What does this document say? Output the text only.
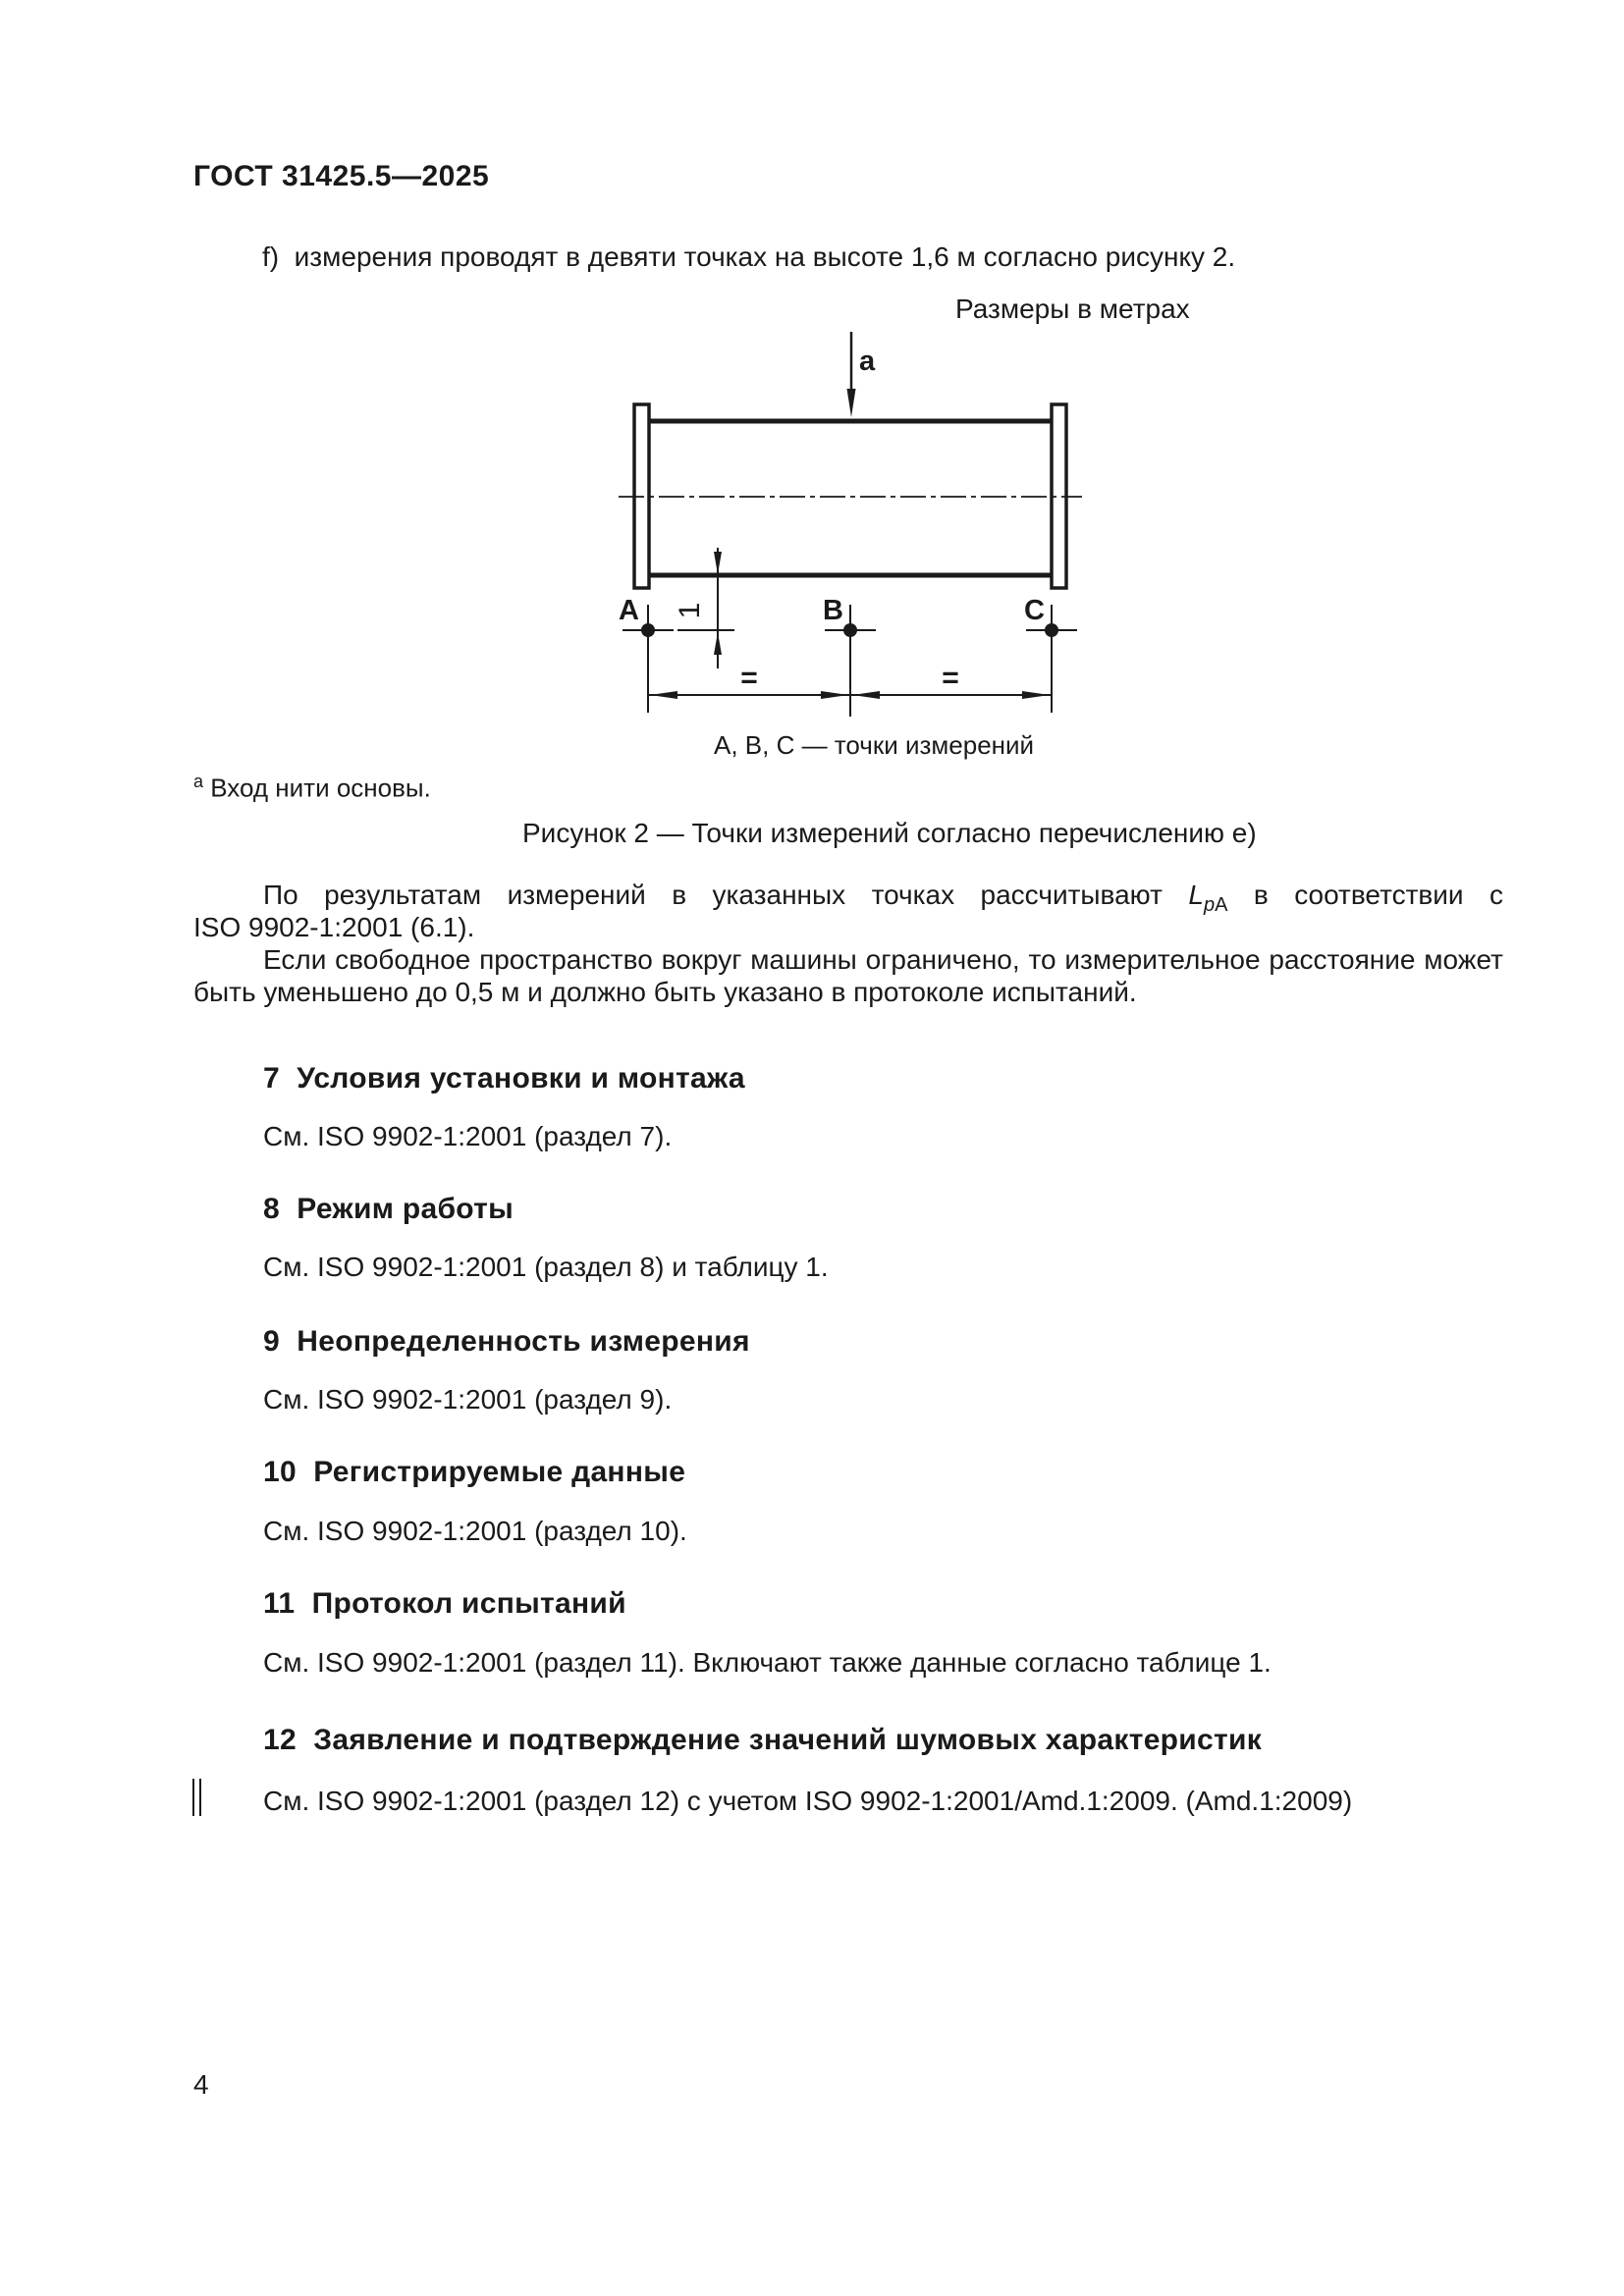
ГОСТ 31425.5—2025
f)  измерения проводят в девяти точках на высоте 1,6 м согласно рисунку 2.
Размеры в метрах
а
1
А	В	С
=	=
А, В, С — точки измерений
$^а$ Вход нити основы.
Рисунок 2 — Точки измерений согласно перечислению е)
По результатам измерений в указанных точках рассчитывают $L_{pA}$ в соответствии с
ISO 9902-1:2001 (6.1).
Если свободное пространство вокруг машины ограничено, то измерительное расстояние может
быть уменьшено до 0,5 м и должно быть указано в протоколе испытаний.
7  Условия установки и монтажа
См. ISO 9902-1:2001 (раздел 7).
8  Режим работы
См. ISO 9902-1:2001 (раздел 8) и таблицу 1.
9  Неопределенность измерения
См. ISO 9902-1:2001 (раздел 9).
10  Регистрируемые данные
См. ISO 9902-1:2001 (раздел 10).
11  Протокол испытаний
См. ISO 9902-1:2001 (раздел 11). Включают также данные согласно таблице 1.
12  Заявление и подтверждение значений шумовых характеристик
См. ISO 9902-1:2001 (раздел 12) с учетом ISO 9902-1:2001/Amd.1:2009. (Amd.1:2009)
4
